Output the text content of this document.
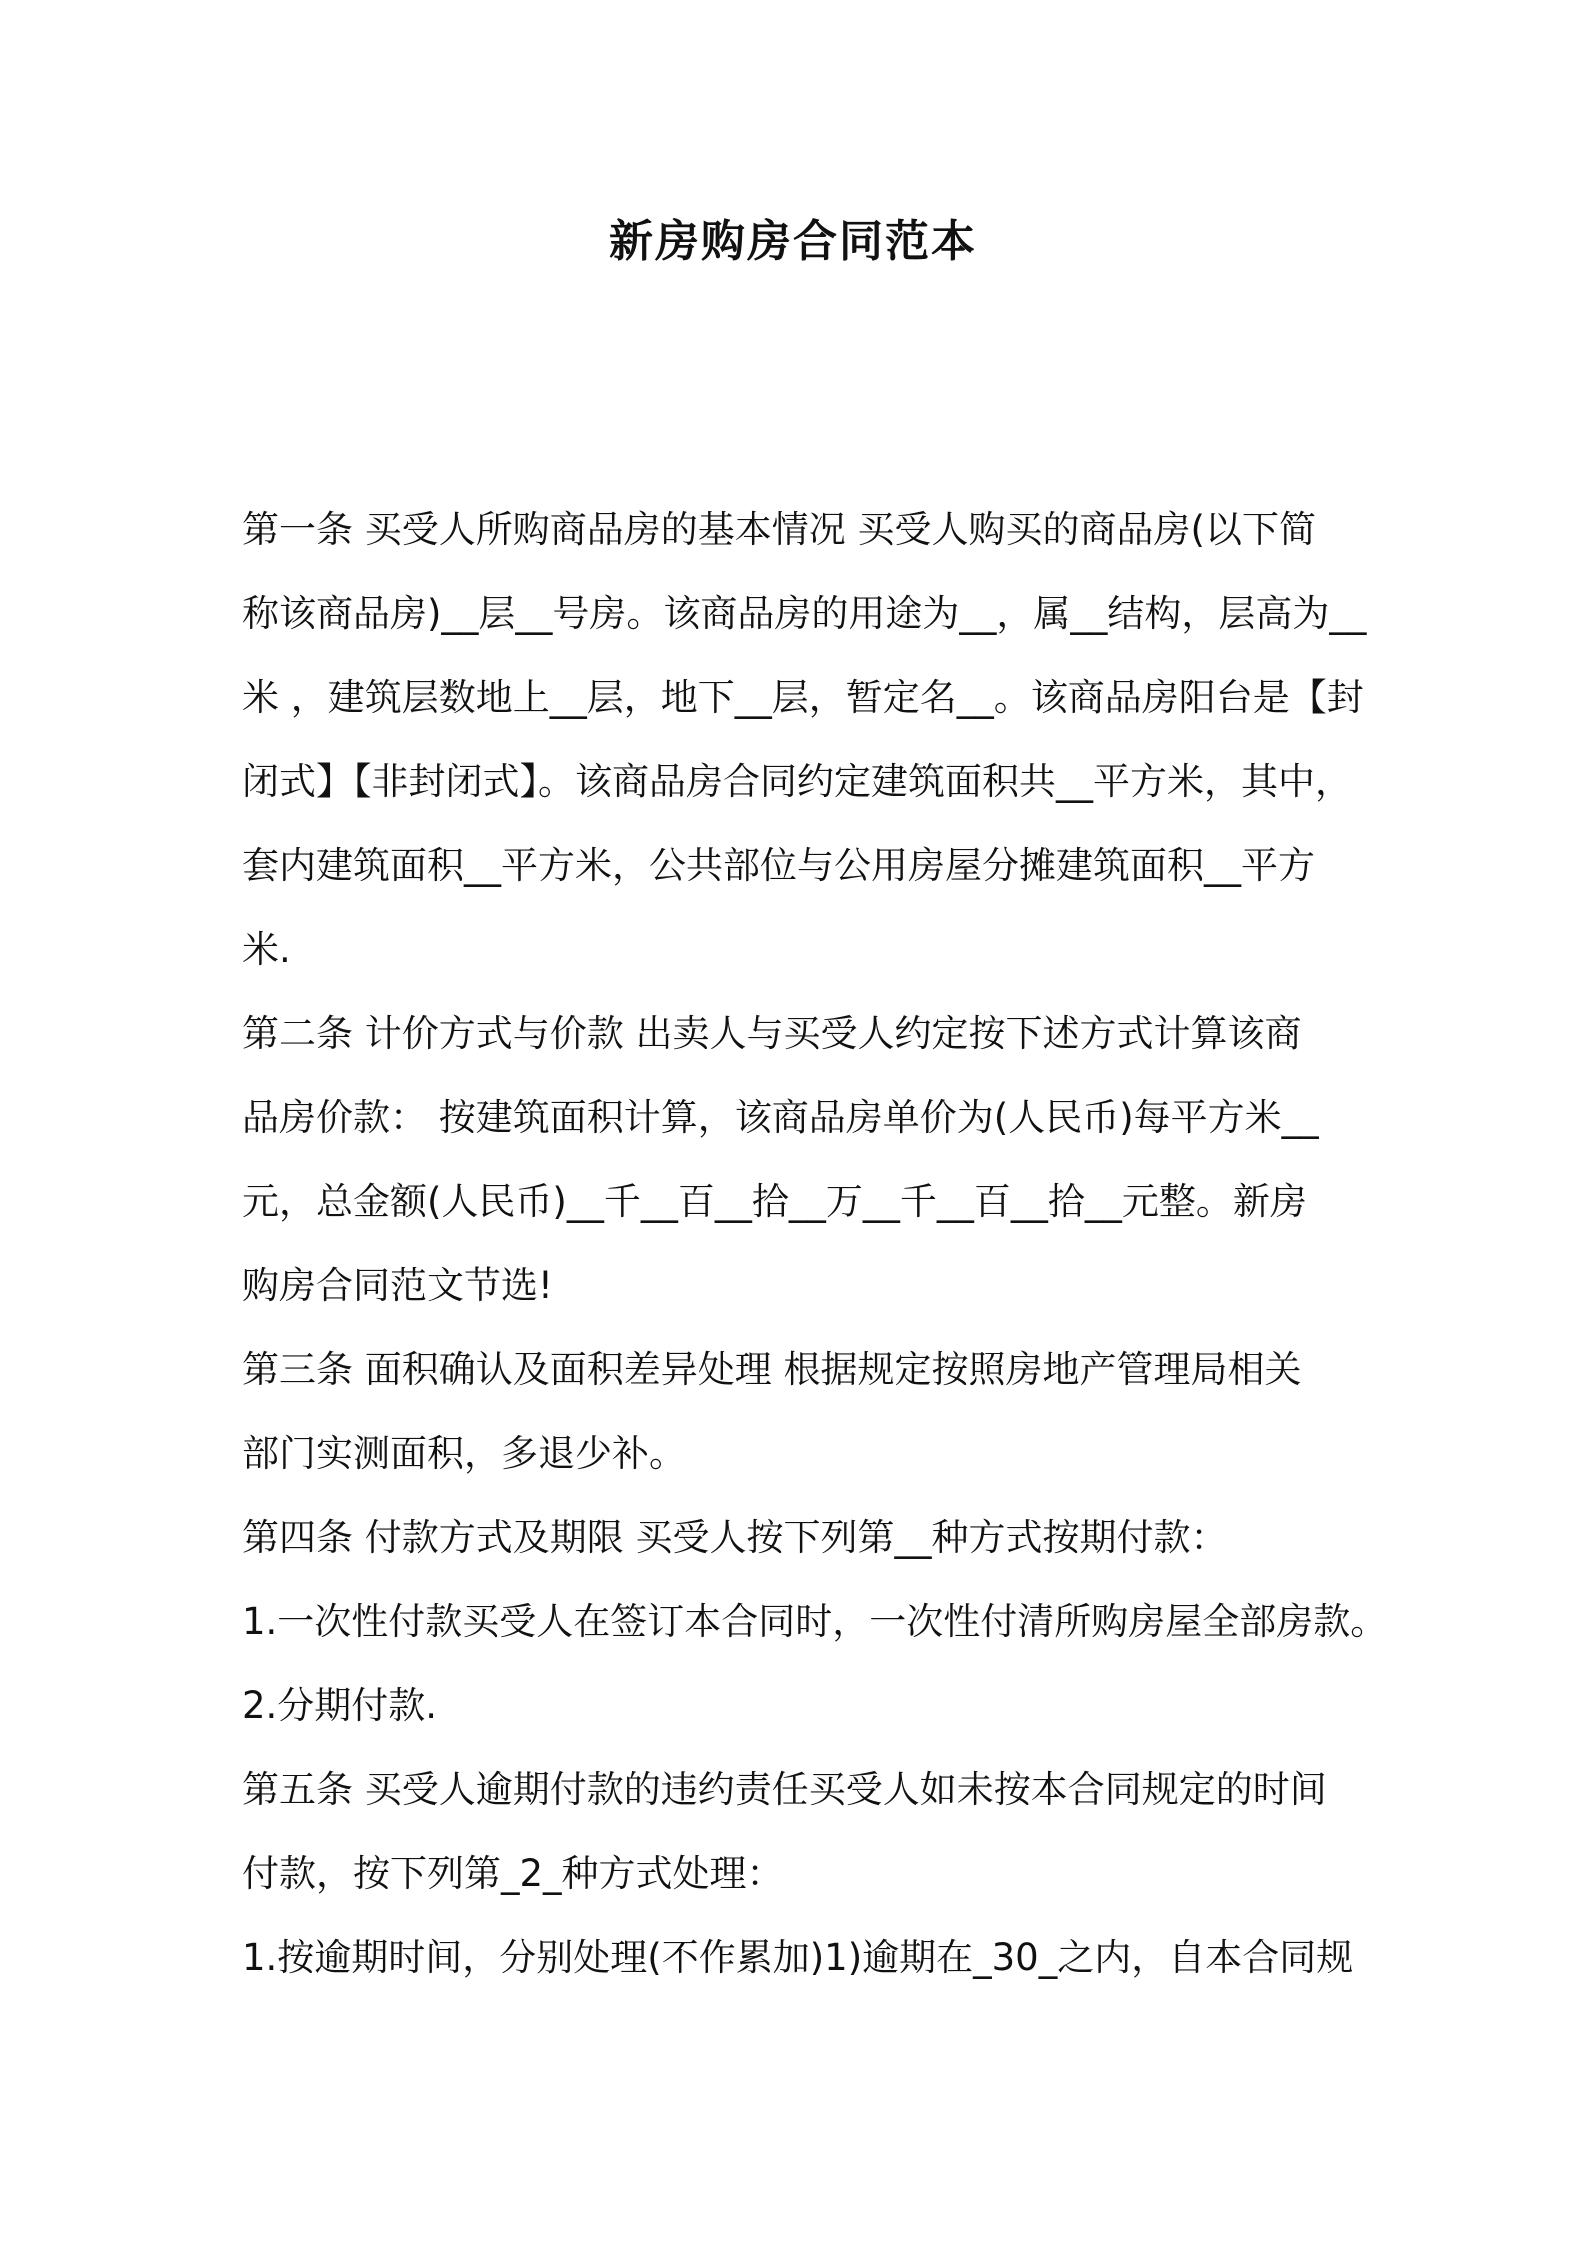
新房购房合同范本
第一条 买受人所购商品房的基本情况 买受人购买的商品房(以下简
称该商品房)__层__号房。该商品房的用途为__，属__结构，层高为__
米 ，建筑层数地上__层，地下__层，暂定名__。该商品房阳台是【封
闭式】【非封闭式】。该商品房合同约定建筑面积共__平方米，其中，
套内建筑面积__平方米，公共部位与公用房屋分摊建筑面积__平方
米.
第二条 计价方式与价款 出卖人与买受人约定按下述方式计算该商
品房价款： 按建筑面积计算，该商品房单价为(人民币)每平方米__
元，总金额(人民币)__千__百__拾__万__千__百__拾__元整。新房
购房合同范文节选!
第三条 面积确认及面积差异处理 根据规定按照房地产管理局相关
部门实测面积，多退少补。
第四条 付款方式及期限 买受人按下列第__种方式按期付款：
1.一次性付款买受人在签订本合同时，一次性付清所购房屋全部房款。
2.分期付款.
第五条 买受人逾期付款的违约责任买受人如未按本合同规定的时间
付款，按下列第_2_种方式处理：
1.按逾期时间，分别处理(不作累加)1)逾期在_30_之内，自本合同规
